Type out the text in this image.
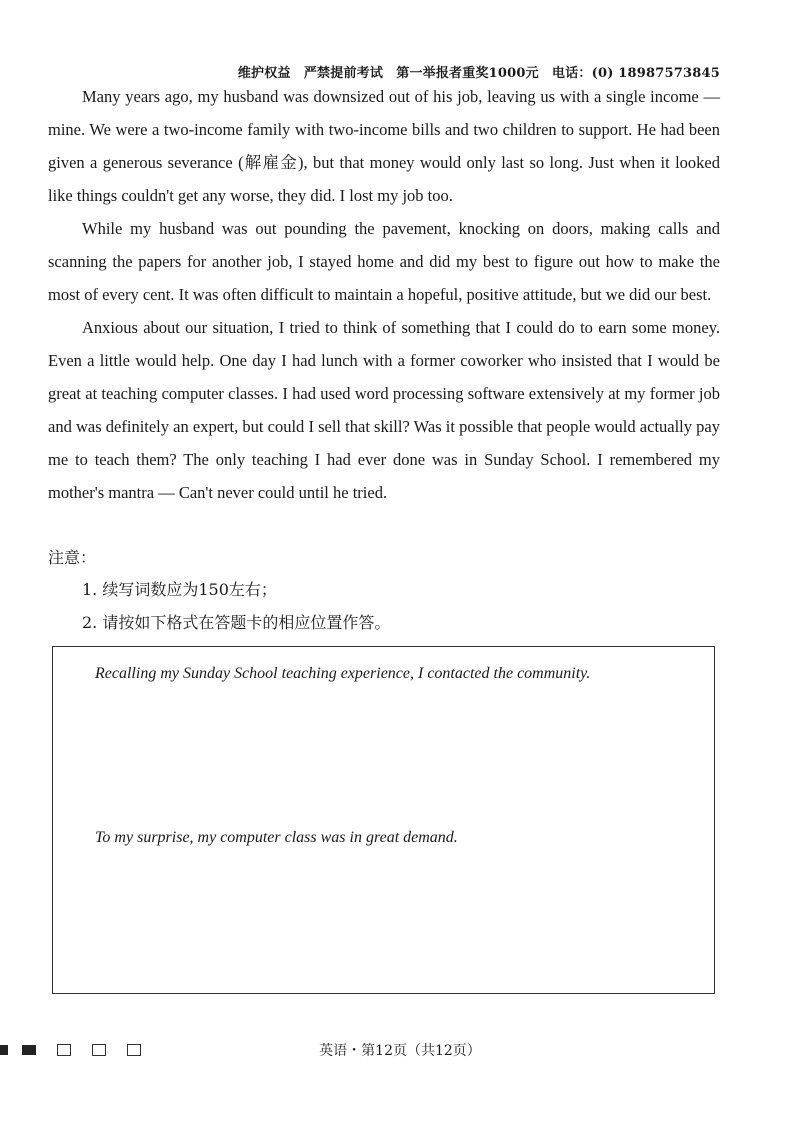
维护权益　严禁提前考试　第一举报者重奖1000元　电话：(0) 18987573845

Many years ago, my husband was downsized out of his job, leaving us with a single income — mine. We were a two-income family with two-income bills and two children to support. He had been given a generous severance (解雇金), but that money would only last so long. Just when it looked like things couldn't get any worse, they did. I lost my job too.

While my husband was out pounding the pavement, knocking on doors, making calls and scanning the papers for another job, I stayed home and did my best to figure out how to make the most of every cent. It was often difficult to maintain a hopeful, positive attitude, but we did our best.

Anxious about our situation, I tried to think of something that I could do to earn some money. Even a little would help. One day I had lunch with a former coworker who insisted that I would be great at teaching computer classes. I had used word processing software extensively at my former job and was definitely an expert, but could I sell that skill? Was it possible that people would actually pay me to teach them? The only teaching I had ever done was in Sunday School. I remembered my mother's mantra — Can't never could until he tried.

注意：
1. 续写词数应为150左右；
2. 请按如下格式在答题卡的相应位置作答。
Recalling my Sunday School teaching experience, I contacted the community.
To my surprise, my computer class was in great demand.
英语・第12页（共12页）
